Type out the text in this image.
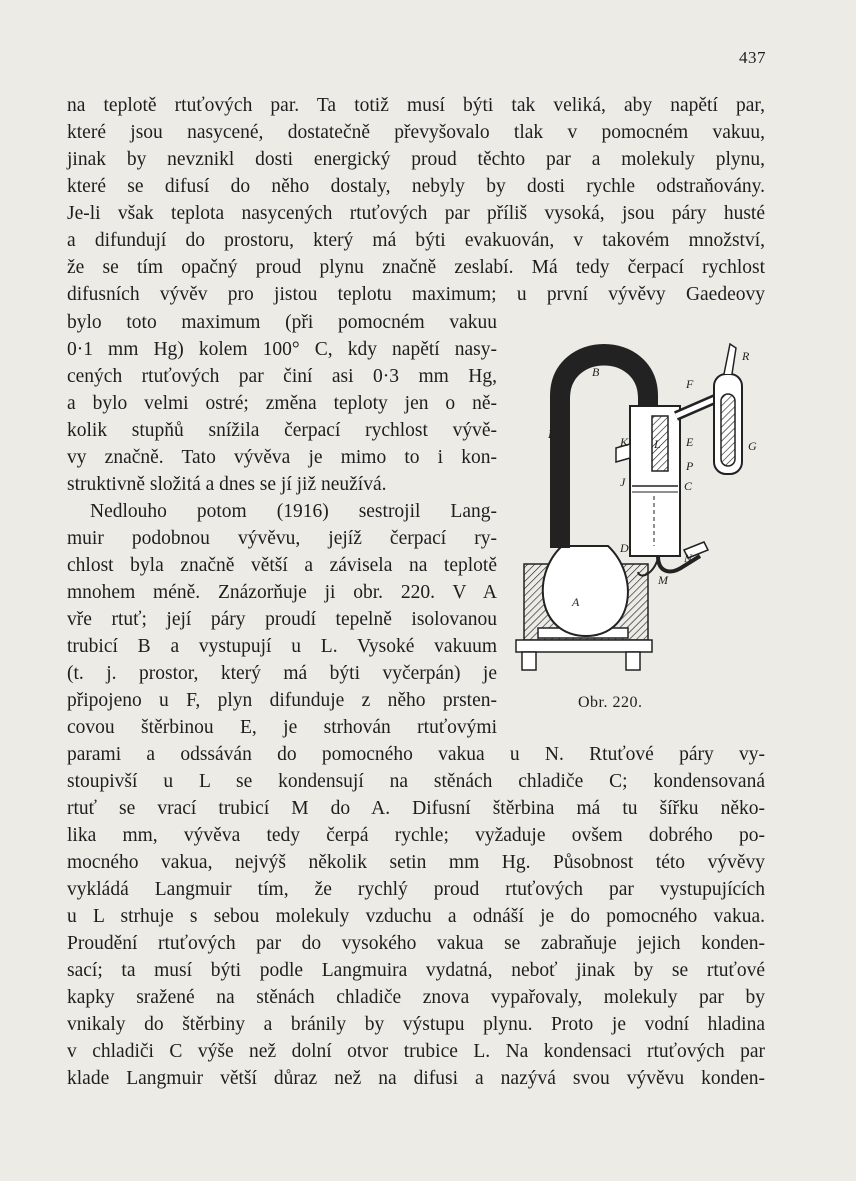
437
na teplotě rtuťových par. Ta totiž musí býti tak veliká, aby napětí par,
které jsou nasycené, dostatečně převyšovalo tlak v pomocném vakuu,
jinak by nevznikl dosti energický proud těchto par a molekuly plynu,
které se difusí do něho dostaly, nebyly by dosti rychle odstraňovány.
Je-li však teplota nasycených rtuťových par příliš vysoká, jsou páry husté
a difundují do prostoru, který má býti evakuován, v takovém množství,
že se tím opačný proud plynu značně zeslabí. Má tedy čerpací rychlost
difusních vývěv pro jistou teplotu maximum; u první vývěvy Gaedeovy
bylo toto maximum (při pomocném vakuu
0·1 mm Hg) kolem 100° C, kdy napětí nasy-
cených rtuťových par činí asi 0·3 mm Hg,
a bylo velmi ostré; změna teploty jen o ně-
kolik stupňů snížila čerpací rychlost vývě-
vy značně. Tato vývěva je mimo to i kon-
struktivně složitá a dnes se jí již neužívá.
Nedlouho potom (1916) sestrojil Lang-
muir podobnou vývěvu, jejíž čerpací ry-
chlost byla značně větší a závisela na teplotě
mnohem méně. Znázorňuje ji obr. 220. V A
vře rtuť; její páry proudí tepelně isolovanou
trubicí B a vystupují u L. Vysoké vakuum
(t. j. prostor, který má býti vyčerpán) je
připojeno u F, plyn difunduje z něho prsten-
covou štěrbinou E, je strhován rtuťovými
parami a odssáván do pomocného vakua u N. Rtuťové páry vy-
stoupivší u L se kondensují na stěnách chladiče C; kondensovaná
rtuť se vrací trubicí M do A. Difusní štěrbina má tu šířku něko-
lika mm, vývěva tedy čerpá rychle; vyžaduje ovšem dobrého po-
mocného vakua, nejvýš několik setin mm Hg. Působnost této vývěvy
vykládá Langmuir tím, že rychlý proud rtuťových par vystupujících
u L strhuje s sebou molekuly vzduchu a odnáší je do pomocného vakua.
Proudění rtuťových par do vysokého vakua se zabraňuje jejich konden-
sací; ta musí býti podle Langmuira vydatná, neboť jinak by se rtuťové
kapky sražené na stěnách chladiče znova vypařovaly, molekuly par by
vnikaly do štěrbiny a bránily by výstupu plynu. Proto je vodní hladina
v chladiči C výše než dolní otvor trubice L. Na kondensaci rtuťových par
klade Langmuir větší důraz než na difusi a nazývá svou vývěvu konden-
A
B
C
D
E
F
G
H
J
K L
M
N
P
R
Obr. 220.
